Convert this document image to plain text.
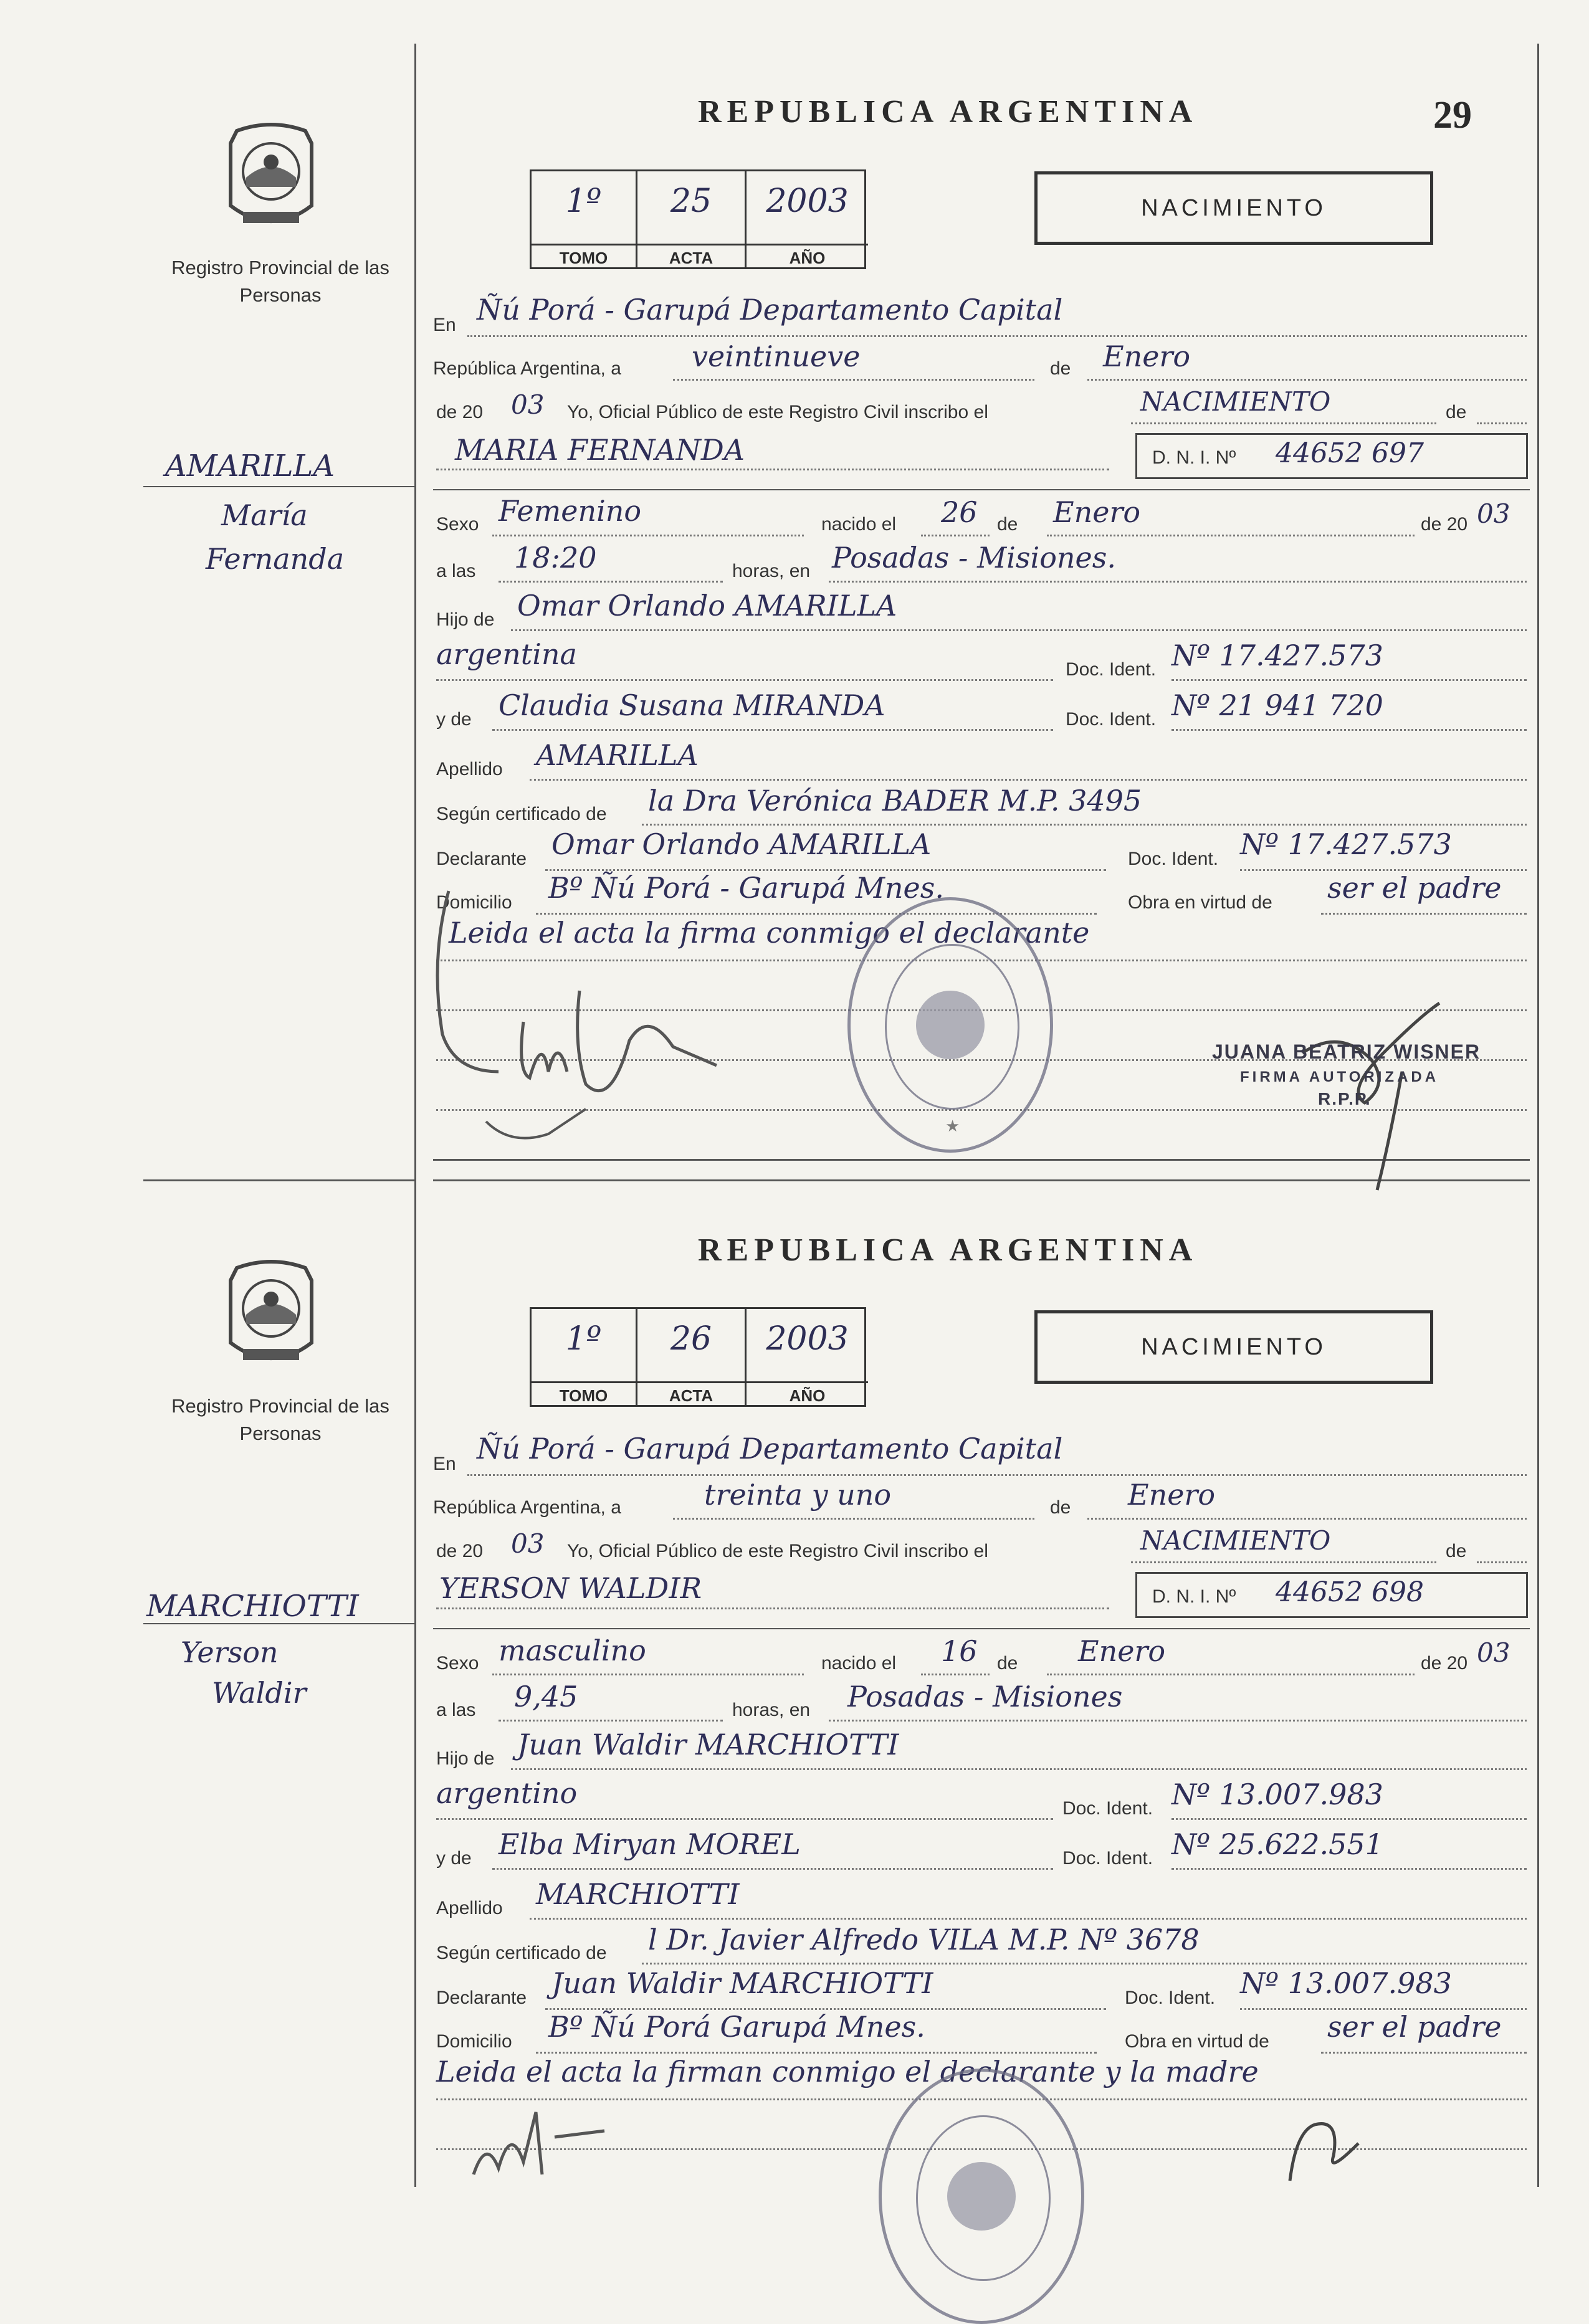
29
REPUBLICA ARGENTINA
Registro Provincial de las Personas
AMARILLA
María
Fernanda
1º
TOMO
25
ACTA
2003
AÑO
NACIMIENTO
En Ñú Porá - Garupá Departamento Capital
República Argentina, a veintinueve	de Enero
de 20 03 Yo, Oficial Público de este Registro Civil inscribo el	NACIMIENTO	de
MARIA FERNANDA	D. N. I. Nº 44652 697
Sexo Femenino	nacido el 26 de Enero	de 20 03
a las 18:20	horas, en Posadas - Misiones.
Hijo de Omar Orlando AMARILLA
argentina	Doc. Ident. Nº 17.427.573
y de Claudia Susana MIRANDA	Doc. Ident. Nº 21 941 720
Apellido AMARILLA
Según certificado de la Dra Verónica BADER M.P. 3495
Declarante Omar Orlando AMARILLA	Doc. Ident. Nº 17.427.573
Domicilio Bº Ñú Porá - Garupá Mnes.	Obra en virtud de ser el padre
Leida el acta la firma conmigo el declarante
★
JUANA BEATRIZ WISNER
FIRMA AUTORIZADA
R.P.P.
REPUBLICA ARGENTINA
Registro Provincial de las Personas
MARCHIOTTI
Yerson
Waldir
1º
TOMO
26
ACTA
2003
AÑO
NACIMIENTO
En Ñú Porá - Garupá Departamento Capital
República Argentina, a	treinta y uno	de Enero
de 20 03 Yo, Oficial Público de este Registro Civil inscribo el	NACIMIENTO	de
YERSON WALDIR	D. N. I. Nº 44652 698
Sexo masculino	nacido el 16 de Enero	de 20 03
a las 9,45	horas, en Posadas - Misiones
Hijo de Juan Waldir MARCHIOTTI
argentino	Doc. Ident. Nº 13.007.983
y de Elba Miryan MOREL	Doc. Ident. Nº 25.622.551
Apellido MARCHIOTTI
Según certificado de l Dr. Javier Alfredo VILA M.P. Nº 3678
Declarante Juan Waldir MARCHIOTTI	Doc. Ident. Nº 13.007.983
Domicilio Bº Ñú Porá Garupá Mnes.	Obra en virtud de ser el padre
Leida el acta la firman conmigo el declarante y la madre
